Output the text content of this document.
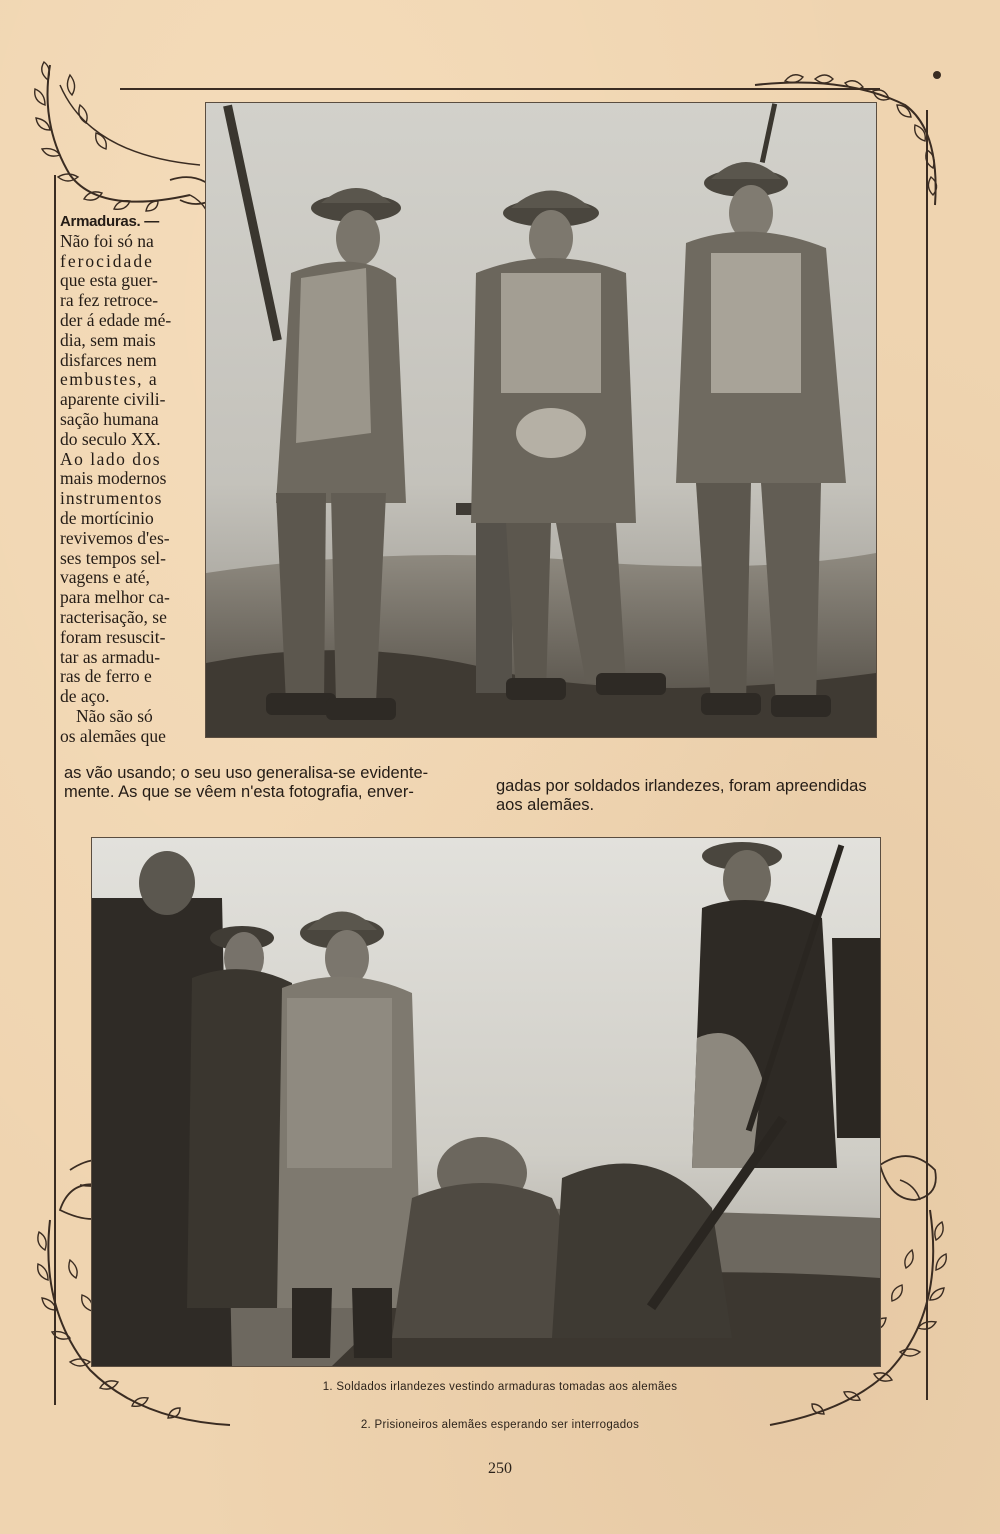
Armaduras. —
Não foi só na
ferocidade
que esta guer-
ra fez retroce-
der á edade mé-
dia, sem mais
disfarces nem
embustes, a
aparente civili-
sação humana
do seculo XX.
Ao lado dos
mais modernos
instrumentos
de mortícinio
revivemos d'es-
ses tempos sel-
vagens e até,
para melhor ca-
racterisação, se
foram resuscit-
tar as armadu-
ras de ferro e
de aço.
Não são só
os alemães que
as vão usando; o seu uso generalisa-se evidente-
mente. As que se vêem n'esta fotografia, enver-	gadas por soldados irlandezes, foram apreendidas
aos alemães.
1. Soldados irlandezes vestindo armaduras tomadas aos alemães
2. Prisioneiros alemães esperando ser interrogados
250
